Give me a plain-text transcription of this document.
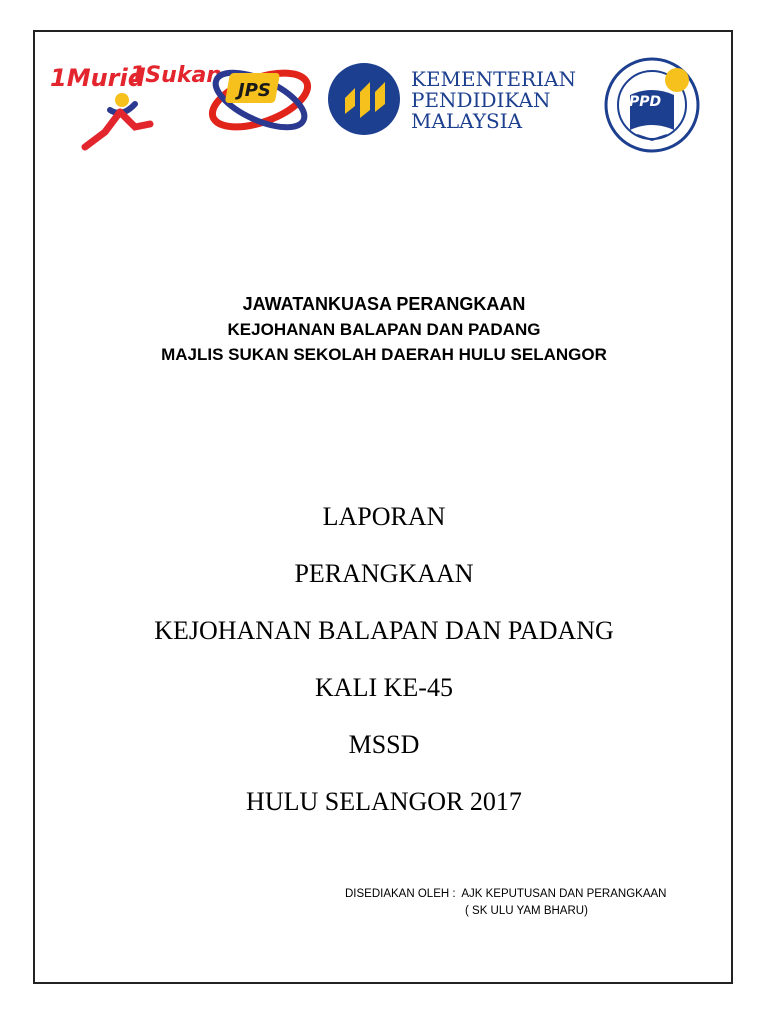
1Murid
1Sukan
JPS	KEMENTERIAN
PENDIDIKAN
MALAYSIA
PPD
JAWATANKUASA PERANGKAAN
KEJOHANAN BALAPAN DAN PADANG
MAJLIS SUKAN SEKOLAH DAERAH HULU SELANGOR
LAPORAN
PERANGKAAN
KEJOHANAN BALAPAN DAN PADANG
KALI KE-45
MSSD
HULU SELANGOR 2017
DISEDIAKAN OLEH : AJK KEPUTUSAN DAN PERANGKAAN
( SK ULU YAM BHARU)
